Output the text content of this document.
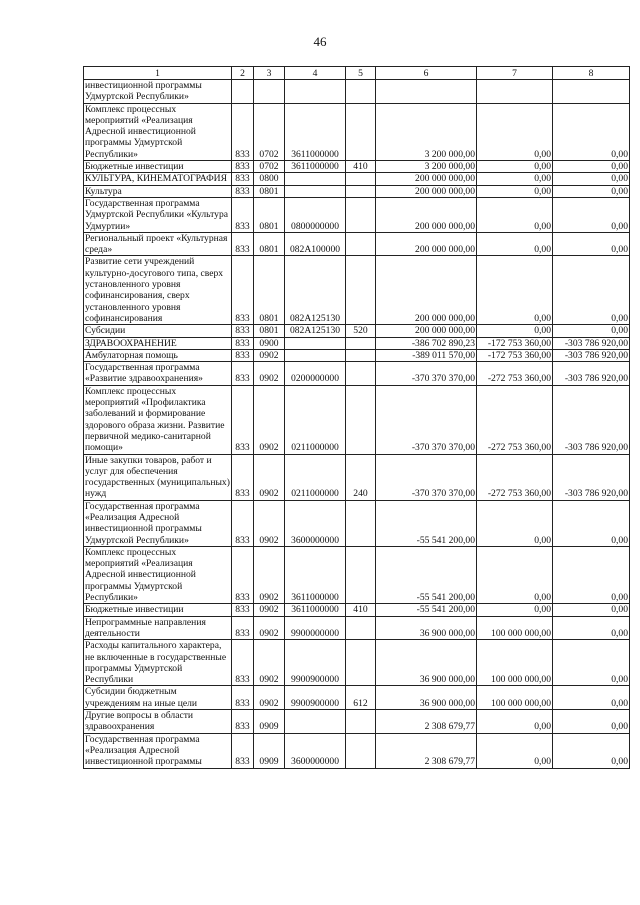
46
1	2	3	4	5	6	7	8
инвестиционной программы Удмуртской Республики»							
Комплекс процессных мероприятий «Реализация Адресной инвестиционной программы Удмуртской Республики»	833	0702	3611000000		3 200 000,00	0,00	0,00
Бюджетные инвестиции	833	0702	3611000000	410	3 200 000,00	0,00	0,00
КУЛЬТУРА, КИНЕМАТОГРАФИЯ	833	0800			200 000 000,00	0,00	0,00
Культура	833	0801			200 000 000,00	0,00	0,00
Государственная программа Удмуртской Республики «Культура Удмуртии»	833	0801	0800000000		200 000 000,00	0,00	0,00
Региональный проект «Культурная среда»	833	0801	082A100000		200 000 000,00	0,00	0,00
Развитие сети учреждений культурно-досугового типа, сверх установленного уровня софинансирования, сверх установленного уровня софинансирования	833	0801	082A125130		200 000 000,00	0,00	0,00
Субсидии	833	0801	082A125130	520	200 000 000,00	0,00	0,00
ЗДРАВООХРАНЕНИЕ	833	0900			-386 702 890,23	-172 753 360,00	-303 786 920,00
Амбулаторная помощь	833	0902			-389 011 570,00	-172 753 360,00	-303 786 920,00
Государственная программа «Развитие здравоохранения»	833	0902	0200000000		-370 370 370,00	-272 753 360,00	-303 786 920,00
Комплекс процессных мероприятий «Профилактика заболеваний и формирование здорового образа жизни. Развитие первичной медико-санитарной помощи»	833	0902	0211000000		-370 370 370,00	-272 753 360,00	-303 786 920,00
Иные закупки товаров, работ и услуг для обеспечения государственных (муниципальных) нужд	833	0902	0211000000	240	-370 370 370,00	-272 753 360,00	-303 786 920,00
Государственная программа «Реализация Адресной инвестиционной программы Удмуртской Республики»	833	0902	3600000000		-55 541 200,00	0,00	0,00
Комплекс процессных мероприятий «Реализация Адресной инвестиционной программы Удмуртской Республики»	833	0902	3611000000		-55 541 200,00	0,00	0,00
Бюджетные инвестиции	833	0902	3611000000	410	-55 541 200,00	0,00	0,00
Непрограммные направления деятельности	833	0902	9900000000		36 900 000,00	100 000 000,00	0,00
Расходы капитального характера, не включенные в государственные программы Удмуртской Республики	833	0902	9900900000		36 900 000,00	100 000 000,00	0,00
Субсидии бюджетным учреждениям на иные цели	833	0902	9900900000	612	36 900 000,00	100 000 000,00	0,00
Другие вопросы в области здравоохранения	833	0909			2 308 679,77	0,00	0,00
Государственная программа «Реализация Адресной инвестиционной программы	833	0909	3600000000		2 308 679,77	0,00	0,00
